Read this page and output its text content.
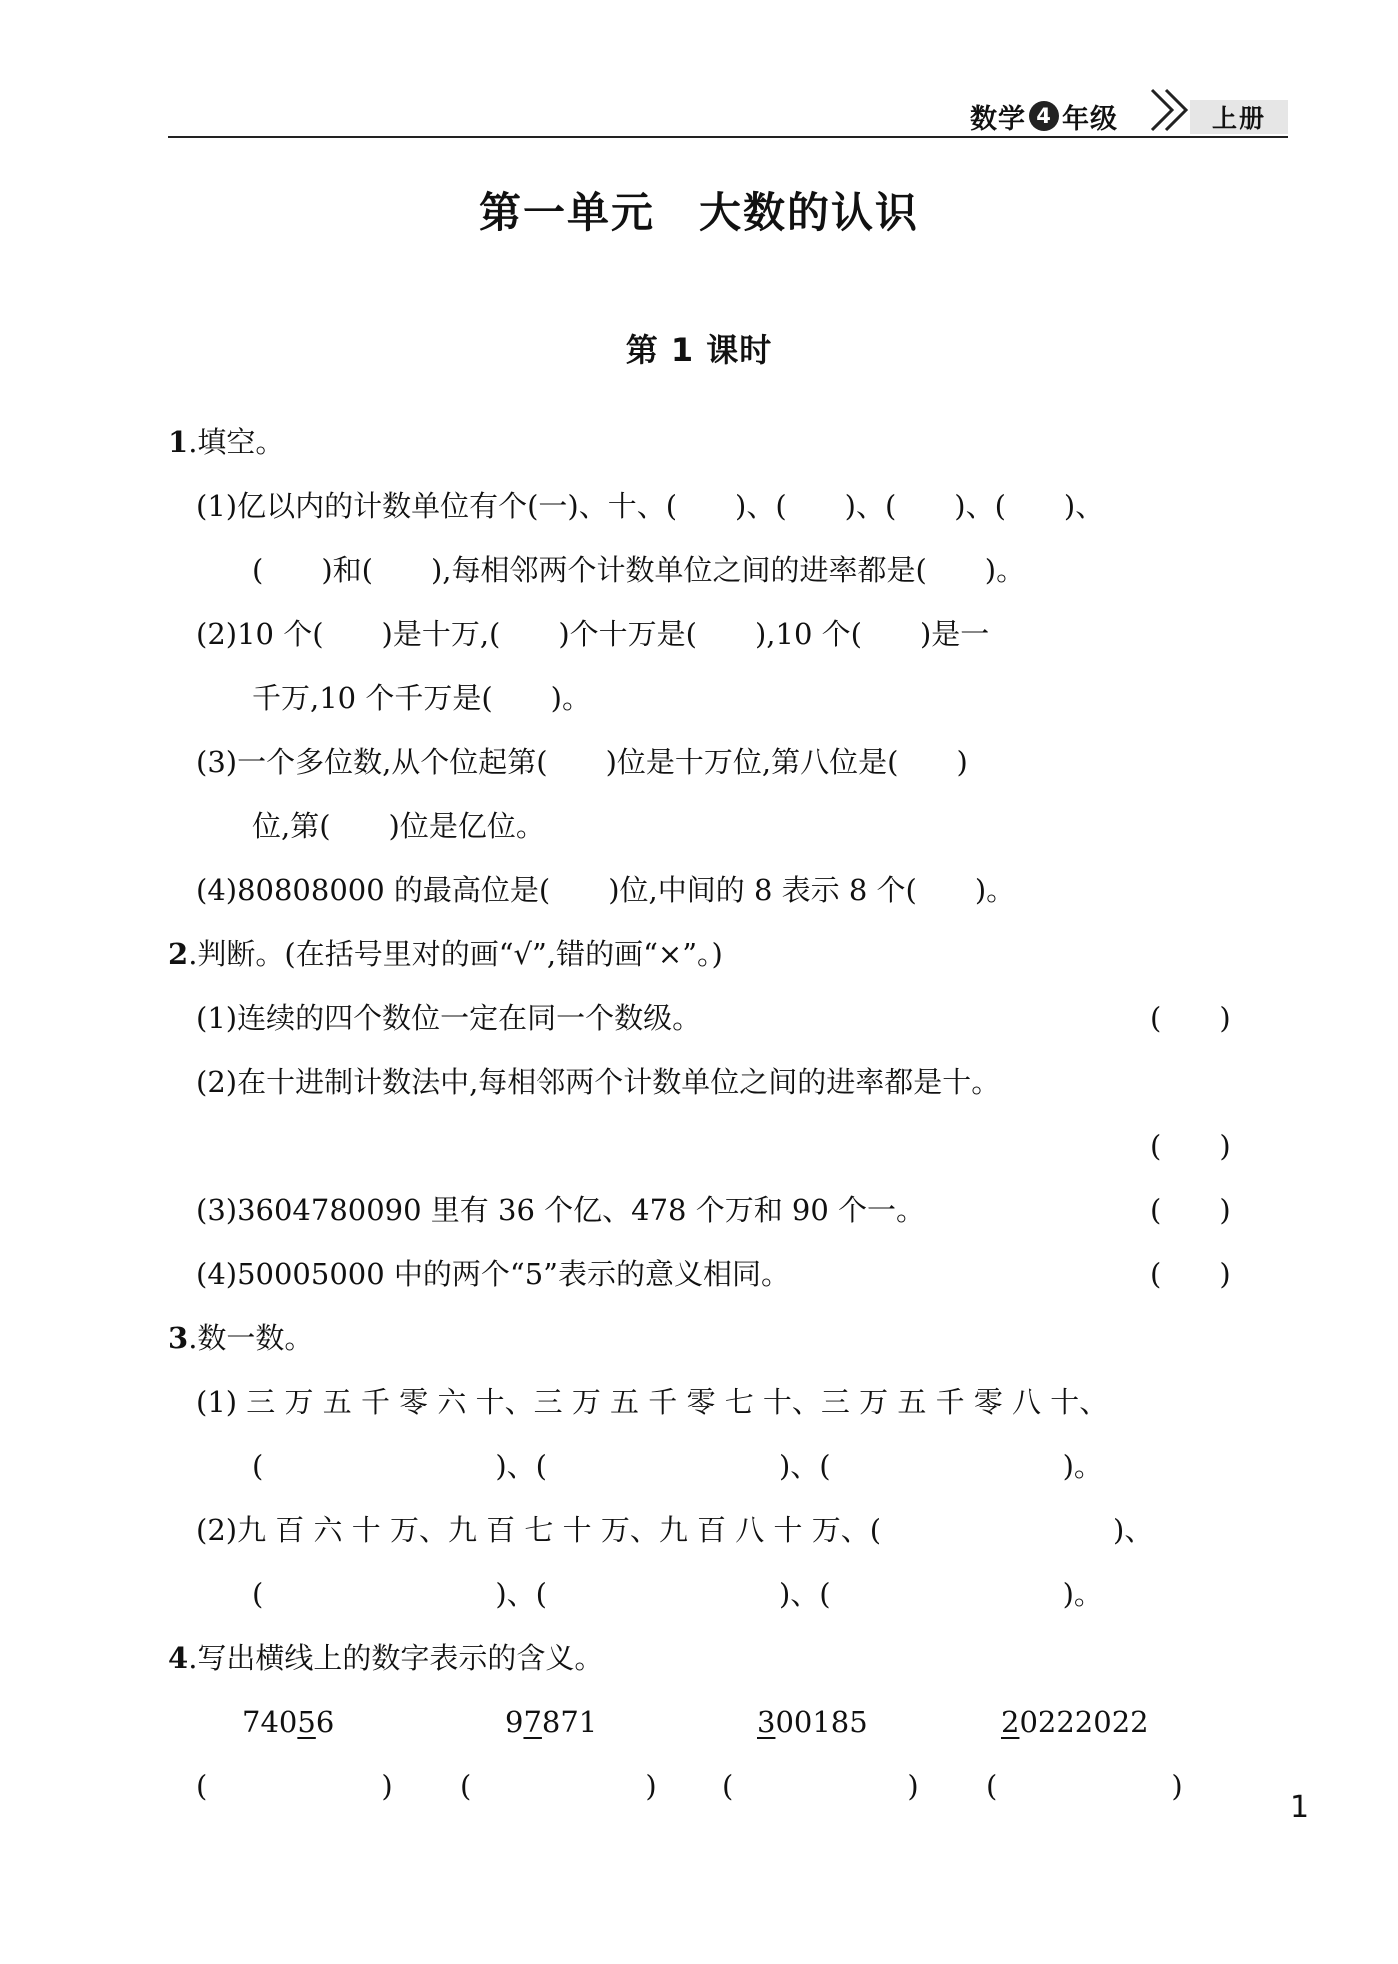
数学 4 年级	上册
第一单元　大数的认识
第 1 课时
1.填空。
(1)亿以内的计数单位有个(一)、十、(　　)、(　　)、(　　)、(　　)、
(　　)和(　　),每相邻两个计数单位之间的进率都是(　　)。
(2)10 个(　　)是十万,(　　)个十万是(　　),10 个(　　)是一
千万,10 个千万是(　　)。
(3)一个多位数,从个位起第(　　)位是十万位,第八位是(　　)
位,第(　　)位是亿位。
(4)80808000 的最高位是(　　)位,中间的 8 表示 8 个(　　)。
2.判断。(在括号里对的画“√”,错的画“×”。)
(1)连续的四个数位一定在同一个数级。	(　　)
(2)在十进制计数法中,每相邻两个计数单位之间的进率都是十。
(　　)
(3)3604780090 里有 36 个亿、478 个万和 90 个一。	(　　)
(4)50005000 中的两个“5”表示的意义相同。	(　　)
3.数一数。
(1) 三 万 五 千 零 六 十、三 万 五 千 零 七 十、三 万 五 千 零 八 十、
(　　　　　　　　)、(　　　　　　　　)、(　　　　　　　　)。
(2)九 百 六 十 万、九 百 七 十 万、九 百 八 十 万、(　　　　　　　　)、
(　　　　　　　　)、(　　　　　　　　)、(　　　　　　　　)。
4.写出横线上的数字表示的含义。
74056	97871	300185	20222022
(　　　　　　) (　　　　　　) (　　　　　　) (　　　　　　)
1
